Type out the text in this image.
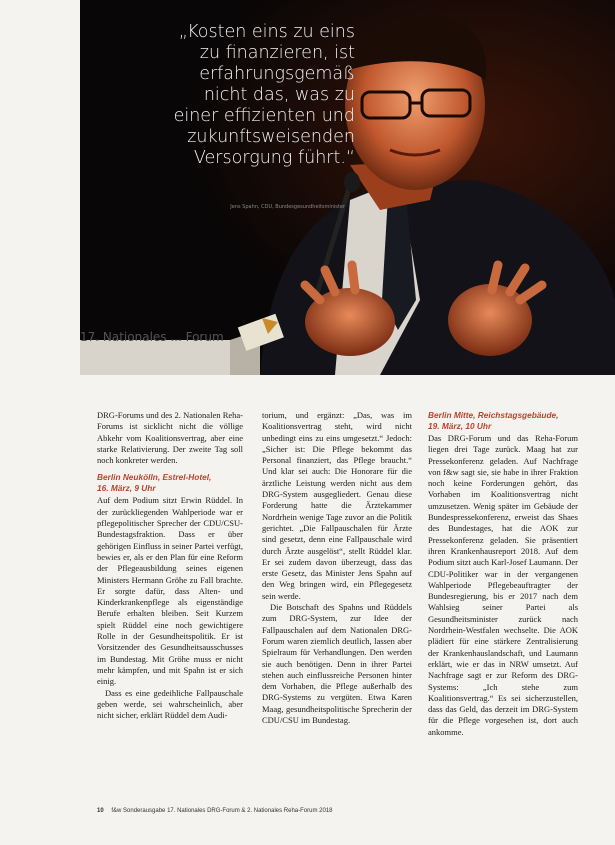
„Kosten eins zu eins
zu finanzieren, ist
erfahrungsgemäß
nicht das, was zu
einer effizienten und
zukunftsweisenden
Versorgung führt.“
Jens Spahn, CDU, Bundesgesundheitsminister
17. Nationales ... Forum

DRG-Forums und des 2. Nationalen Reha-Forums ist sicklicht nicht die völlige Abkehr vom Koalitionsvertrag, aber eine starke Relativierung. Der zweite Tag soll noch konkreter werden.

Berlin Neukölln, Estrel-Hotel,
16. März, 9 Uhr

Auf dem Podium sitzt Erwin Rüddel. In der zurückliegenden Wahlperiode war er pflegepolitischer Sprecher der CDU/CSU-Bundestagsfraktion. Dass er über gehörigen Einfluss in seiner Partei verfügt, bewies er, als er den Plan für eine Reform der Pflegeausbildung seines eigenen Ministers Hermann Gröhe zu Fall brachte. Er sorgte dafür, dass Alten- und Kinderkrankenpflege als eigenständige Berufe erhalten bleiben. Seit Kurzem spielt Rüddel eine noch gewichtigere Rolle in der Gesundheitspolitik. Er ist Vorsitzender des Gesundheitsausschusses im Bundestag. Mit Gröhe muss er nicht mehr kämpfen, und mit Spahn ist er sich einig.

Dass es eine gedeihliche Fallpauschale geben werde, sei wahrscheinlich, aber nicht sicher, erklärt Rüddel dem Audi-

torium, und ergänzt: „Das, was im Koalitionsvertrag steht, wird nicht unbedingt eins zu eins umgesetzt.“ Jedoch: „Sicher ist: Die Pflege bekommt das Personal finanziert, das Pflege braucht.“ Und klar sei auch: Die Honorare für die ärztliche Leistung werden nicht aus dem DRG-System ausgegliedert. Genau diese Forderung hatte die Ärztekammer Nordrhein wenige Tage zuvor an die Politik gerichtet. „Die Fallpauschalen für Ärzte sind gesetzt, denn eine Fallpauschale wird durch Ärzte ausgelöst“, stellt Rüddel klar. Er sei zudem davon überzeugt, dass das erste Gesetz, das Minister Jens Spahn auf den Weg bringen wird, ein Pflegegesetz sein werde.

Die Botschaft des Spahns und Rüddels zum DRG-System, zur Idee der Fallpauschalen auf dem Nationalen DRG-Forum waren ziemlich deutlich, lassen aber Spielraum für Verhandlungen. Den werden sie auch benötigen. Denn in ihrer Partei stehen auch einflussreiche Personen hinter dem Vorhaben, die Pflege außerhalb des DRG-Systems zu vergüten. Etwa Karen Maag, gesundheitspolitische Sprecherin der CDU/CSU im Bundestag.

Berlin Mitte, Reichstagsgebäude,
19. März, 10 Uhr

Das DRG-Forum und das Reha-Forum liegen drei Tage zurück. Maag hat zur Pressekonferenz geladen. Auf Nachfrage von f&w sagt sie, sie habe in ihrer Fraktion noch keine Forderungen gehört, das Vorhaben im Koalitionsvertrag nicht umzusetzen. Wenig später im Gebäude der Bundespressekonferenz, erweist das Shaes des Bundestages, hat die AOK zur Pressekonferenz geladen. Sie präsentiert ihren Krankenhausreport 2018. Auf dem Podium sitzt auch Karl-Josef Laumann. Der CDU-Politiker war in der vergangenen Wahlperiode Pflegebeauftragter der Bundesregierung, bis er 2017 nach dem Wahlsieg seiner Partei als Gesundheitsminister zurück nach Nordrhein-Westfalen wechselte. Die AOK plädiert für eine stärkere Zentralisierung der Krankenhauslandschaft, und Laumann erklärt, wie er das in NRW umsetzt. Auf Nachfrage sagt er zur Reform des DRG-Systems: „Ich stehe zum Koalitionsvertrag.“ Es sei sicherzustellen, dass das Geld, das derzeit im DRG-System für die Pflege vorgesehen ist, dort auch ankomme.

10 f&w Sonderausgabe 17. Nationales DRG-Forum & 2. Nationales Reha-Forum 2018
